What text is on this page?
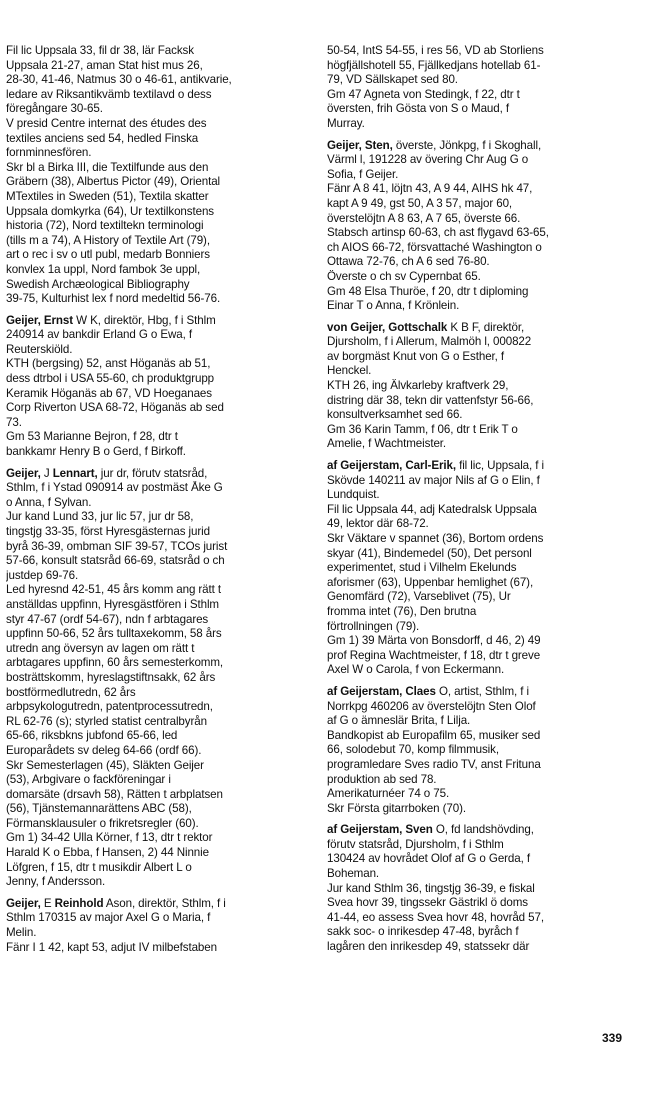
Fil lic Uppsala 33, fil dr 38, lär Facksk
Uppsala 21-27, aman Stat hist mus 26,
28-30, 41-46, Natmus 30 o 46-61, antikvarie,
ledare av Riksantikvämb textilavd o dess
föregångare 30-65.
V presid Centre internat des études des
textiles anciens sed 54, hedled Finska
fornminnesfören.
Skr bl a Birka III, die Textilfunde aus den
Gräbern (38), Albertus Pictor (49), Oriental
MTextiles in Sweden (51), Textila skatter
Uppsala domkyrka (64), Ur textilkonstens
historia (72), Nord textiltekn terminologi
(tills m a 74), A History of Textile Art (79),
art o rec i sv o utl publ, medarb Bonniers
konvlex 1a uppl, Nord fambok 3e uppl,
Swedish Archæological Bibliography
39-75, Kulturhist lex f nord medeltid 56-76.
Geijer, Ernst W K, direktör, Hbg, f i Sthlm
240914 av bankdir Erland G o Ewa, f
Reuterskiöld.
KTH (bergsing) 52, anst Höganäs ab 51,
dess dtrbol i USA 55-60, ch produktgrupp
Keramik Höganäs ab 67, VD Hoeganaes
Corp Riverton USA 68-72, Höganäs ab sed
73.
Gm 53 Marianne Bejron, f 28, dtr t
bankkamr Henry B o Gerd, f Birkoff.
Geijer, J Lennart, jur dr, förutv statsråd,
Sthlm, f i Ystad 090914 av postmäst Åke G
o Anna, f Sylvan.
Jur kand Lund 33, jur lic 57, jur dr 58,
tingstjg 33-35, först Hyresgästernas jurid
byrå 36-39, ombman SIF 39-57, TCOs jurist
57-66, konsult statsråd 66-69, statsråd o ch
justdep 69-76.
Led hyresnd 42-51, 45 års komm ang rätt t
anställdas uppfinn, Hyresgästfören i Sthlm
styr 47-67 (ordf 54-67), ndn f arbtagares
uppfinn 50-66, 52 års tulltaxekomm, 58 års
utredn ang översyn av lagen om rätt t
arbtagares uppfinn, 60 års semesterkomm,
bosträttskomm, hyreslagstiftnsakk, 62 års
bostförmedlutredn, 62 års
arbpsykologutredn, patentprocessutredn,
RL 62-76 (s); styrled statist centralbyrån
65-66, riksbkns jubfond 65-66, led
Europarådets sv deleg 64-66 (ordf 66).
Skr Semesterlagen (45), Släkten Geijer
(53), Arbgivare o fackföreningar i
domarsäte (drsavh 58), Rätten t arbplatsen
(56), Tjänstemannarättens ABC (58),
Förmansklausuler o frikretsregler (60).
Gm 1) 34-42 Ulla Körner, f 13, dtr t rektor
Harald K o Ebba, f Hansen, 2) 44 Ninnie
Löfgren, f 15, dtr t musikdir Albert L o
Jenny, f Andersson.
Geijer, E Reinhold Ason, direktör, Sthlm, f i
Sthlm 170315 av major Axel G o Maria, f
Melin.
Fänr I 1 42, kapt 53, adjut IV milbefstaben
50-54, IntS 54-55, i res 56, VD ab Storliens
högfjällshotell 55, Fjällkedjans hotellab 61-
79, VD Sällskapet sed 80.
Gm 47 Agneta von Stedingk, f 22, dtr t
översten, frih Gösta von S o Maud, f
Murray.
Geijer, Sten, överste, Jönkpg, f i Skoghall,
Värml l, 191228 av övering Chr Aug G o
Sofia, f Geijer.
Fänr A 8 41, löjtn 43, A 9 44, AIHS hk 47,
kapt A 9 49, gst 50, A 3 57, major 60,
överstelöjtn A 8 63, A 7 65, överste 66.
Stabsch artinsp 60-63, ch ast flygavd 63-65,
ch AIOS 66-72, försvattaché Washington o
Ottawa 72-76, ch A 6 sed 76-80.
Överste o ch sv Cypernbat 65.
Gm 48 Elsa Thuröe, f 20, dtr t diploming
Einar T o Anna, f Krönlein.
von Geijer, Gottschalk K B F, direktör,
Djursholm, f i Allerum, Malmöh l, 000822
av borgmäst Knut von G o Esther, f
Henckel.
KTH 26, ing Älvkarleby kraftverk 29,
distring där 38, tekn dir vattenfstyr 56-66,
konsultverksamhet sed 66.
Gm 36 Karin Tamm, f 06, dtr t Erik T o
Amelie, f Wachtmeister.
af Geijerstam, Carl-Erik, fil lic, Uppsala, f i
Skövde 140211 av major Nils af G o Elin, f
Lundquist.
Fil lic Uppsala 44, adj Katedralsk Uppsala
49, lektor där 68-72.
Skr Väktare v spannet (36), Bortom ordens
skyar (41), Bindemedel (50), Det personl
experimentet, stud i Vilhelm Ekelunds
aforismer (63), Uppenbar hemlighet (67),
Genomfärd (72), Varseblivet (75), Ur
fromma intet (76), Den brutna
förtrollningen (79).
Gm 1) 39 Märta von Bonsdorff, d 46, 2) 49
prof Regina Wachtmeister, f 18, dtr t greve
Axel W o Carola, f von Eckermann.
af Geijerstam, Claes O, artist, Sthlm, f i
Norrkpg 460206 av överstelöjtn Sten Olof
af G o ämneslär Brita, f Lilja.
Bandkopist ab Europafilm 65, musiker sed
66, solodebut 70, komp filmmusik,
programledare Sves radio TV, anst Frituna
produktion ab sed 78.
Amerikaturnéer 74 o 75.
Skr Första gitarrboken (70).
af Geijerstam, Sven O, fd landshövding,
förutv statsråd, Djursholm, f i Sthlm
130424 av hovrådet Olof af G o Gerda, f
Boheman.
Jur kand Sthlm 36, tingstjg 36-39, e fiskal
Svea hovr 39, tingssekr Gästrikl ö doms
41-44, eo assess Svea hovr 48, hovråd 57,
sakk soc- o inrikesdep 47-48, byråch f
lagåren den inrikesdep 49, statssekr där
339
